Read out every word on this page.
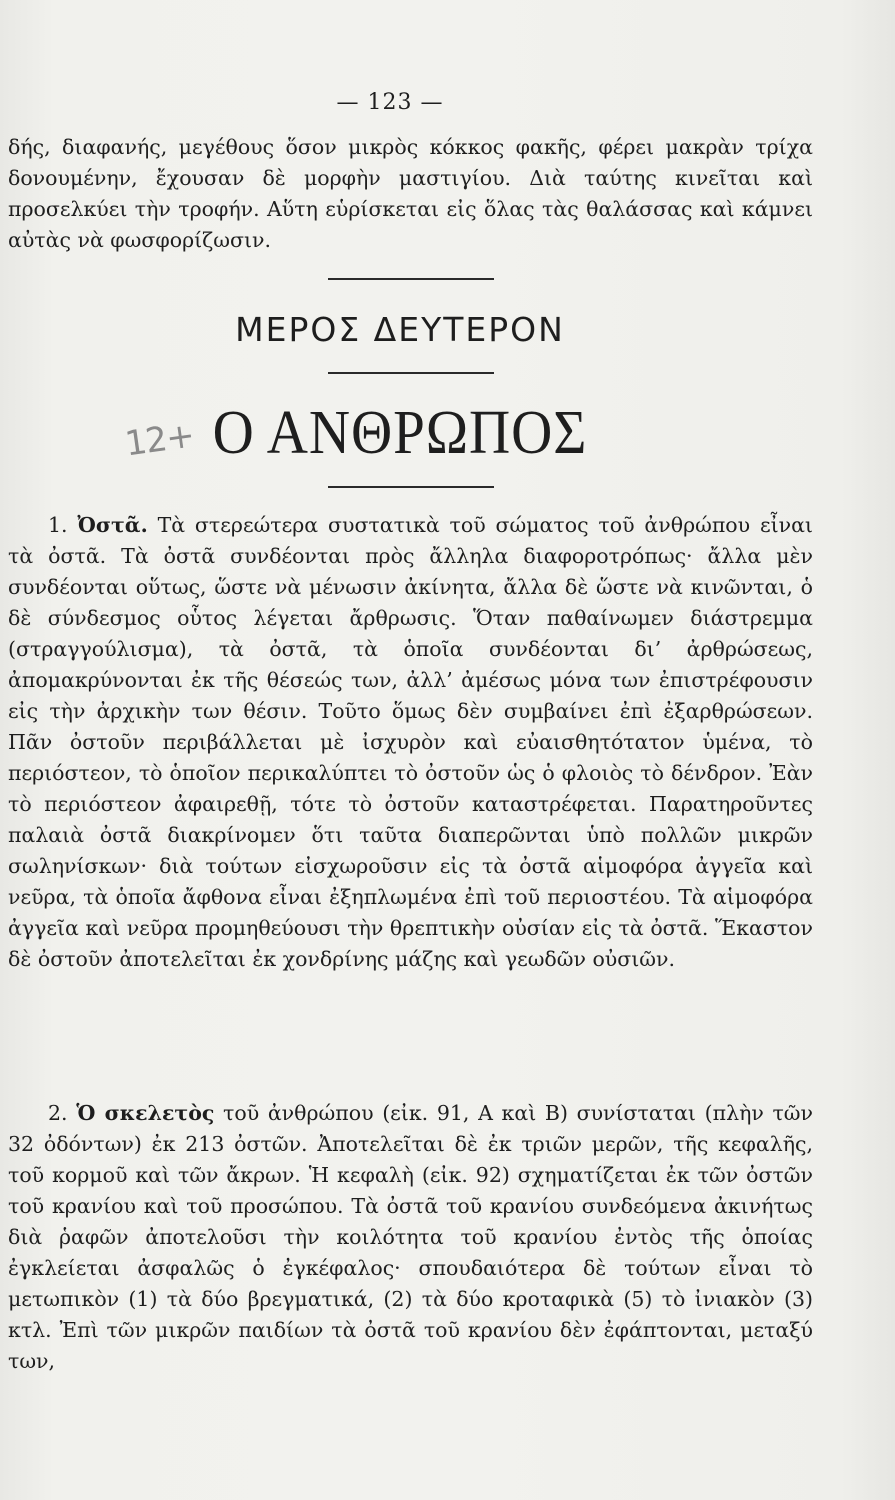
— 123 —

δής, διαφανής, μεγέθους ὅσον μικρὸς κόκκος φακῆς, φέρει μακρὰν τρίχα δονουμένην, ἔχουσαν δὲ μορφὴν μαστιγίου. Διὰ ταύτης κινεῖται καὶ προσελκύει τὴν τροφήν. Αὕτη εὑρίσκεται εἰς ὅλας τὰς θαλάσσας καὶ κάμνει αὐτὰς νὰ φωσφορίζωσιν.

ΜΕΡΟΣ ΔΕΥΤΕΡΟΝ
12+ Ο ΑΝΘΡΩΠΟΣ

1. Ὀστᾶ. Τὰ στερεώτερα συστατικὰ τοῦ σώματος τοῦ ἀνθρώπου εἶναι τὰ ὀστᾶ. Τὰ ὀστᾶ συνδέονται πρὸς ἄλληλα διαφοροτρόπως· ἄλλα μὲν συνδέονται οὕτως, ὥστε νὰ μένωσιν ἀκίνητα, ἄλλα δὲ ὥστε νὰ κινῶνται, ὁ δὲ σύνδεσμος οὗτος λέγεται ἄρθρωσις. Ὅταν παθαίνωμεν διάστρεμμα (στραγγούλισμα), τὰ ὀστᾶ, τὰ ὁποῖα συνδέονται δι’ ἀρθρώσεως, ἀπομακρύνονται ἐκ τῆς θέσεώς των, ἀλλ’ ἀμέσως μόνα των ἐπιστρέφουσιν εἰς τὴν ἀρχικὴν των θέσιν. Τοῦτο ὅμως δὲν συμβαίνει ἐπὶ ἐξαρθρώσεων. Πᾶν ὀστοῦν περιβάλλεται μὲ ἰσχυρὸν καὶ εὐαισθητότατον ὑμένα, τὸ περιόστεον, τὸ ὁποῖον περικαλύπτει τὸ ὀστοῦν ὡς ὁ φλοιὸς τὸ δένδρον. Ἐὰν τὸ περιόστεον ἀφαιρεθῇ, τότε τὸ ὀστοῦν καταστρέφεται. Παρατηροῦντες παλαιὰ ὀστᾶ διακρίνομεν ὅτι ταῦτα διαπερῶνται ὑπὸ πολλῶν μικρῶν σωληνίσκων· διὰ τούτων εἰσχωροῦσιν εἰς τὰ ὀστᾶ αἱμοφόρα ἀγγεῖα καὶ νεῦρα, τὰ ὁποῖα ἄφθονα εἶναι ἐξηπλωμένα ἐπὶ τοῦ περιοστέου. Τὰ αἱμοφόρα ἀγγεῖα καὶ νεῦρα προμηθεύουσι τὴν θρεπτικὴν οὐσίαν εἰς τὰ ὀστᾶ. Ἕκαστον δὲ ὀστοῦν ἀποτελεῖται ἐκ χονδρίνης μάζης καὶ γεωδῶν οὐσιῶν.

2. Ὁ σκελετὸς τοῦ ἀνθρώπου (εἰκ. 91, Α καὶ Β) συνίσταται (πλὴν τῶν 32 ὀδόντων) ἐκ 213 ὀστῶν. Ἀποτελεῖται δὲ ἐκ τριῶν μερῶν, τῆς κεφαλῆς, τοῦ κορμοῦ καὶ τῶν ἄκρων. Ἡ κεφαλὴ (εἰκ. 92) σχηματίζεται ἐκ τῶν ὀστῶν τοῦ κρανίου καὶ τοῦ προσώπου. Τὰ ὀστᾶ τοῦ κρανίου συνδεόμενα ἀκινήτως διὰ ῥαφῶν ἀποτελοῦσι τὴν κοιλότητα τοῦ κρανίου ἐντὸς τῆς ὁποίας ἐγκλείεται ἀσφαλῶς ὁ ἐγκέφαλος· σπουδαιότερα δὲ τούτων εἶναι τὸ μετωπικὸν (1) τὰ δύο βρεγματικά, (2) τὰ δύο κροταφικὰ (5) τὸ ἰνιακὸν (3) κτλ. Ἐπὶ τῶν μικρῶν παιδίων τὰ ὀστᾶ τοῦ κρανίου δὲν ἐφάπτονται, μεταξύ των,
